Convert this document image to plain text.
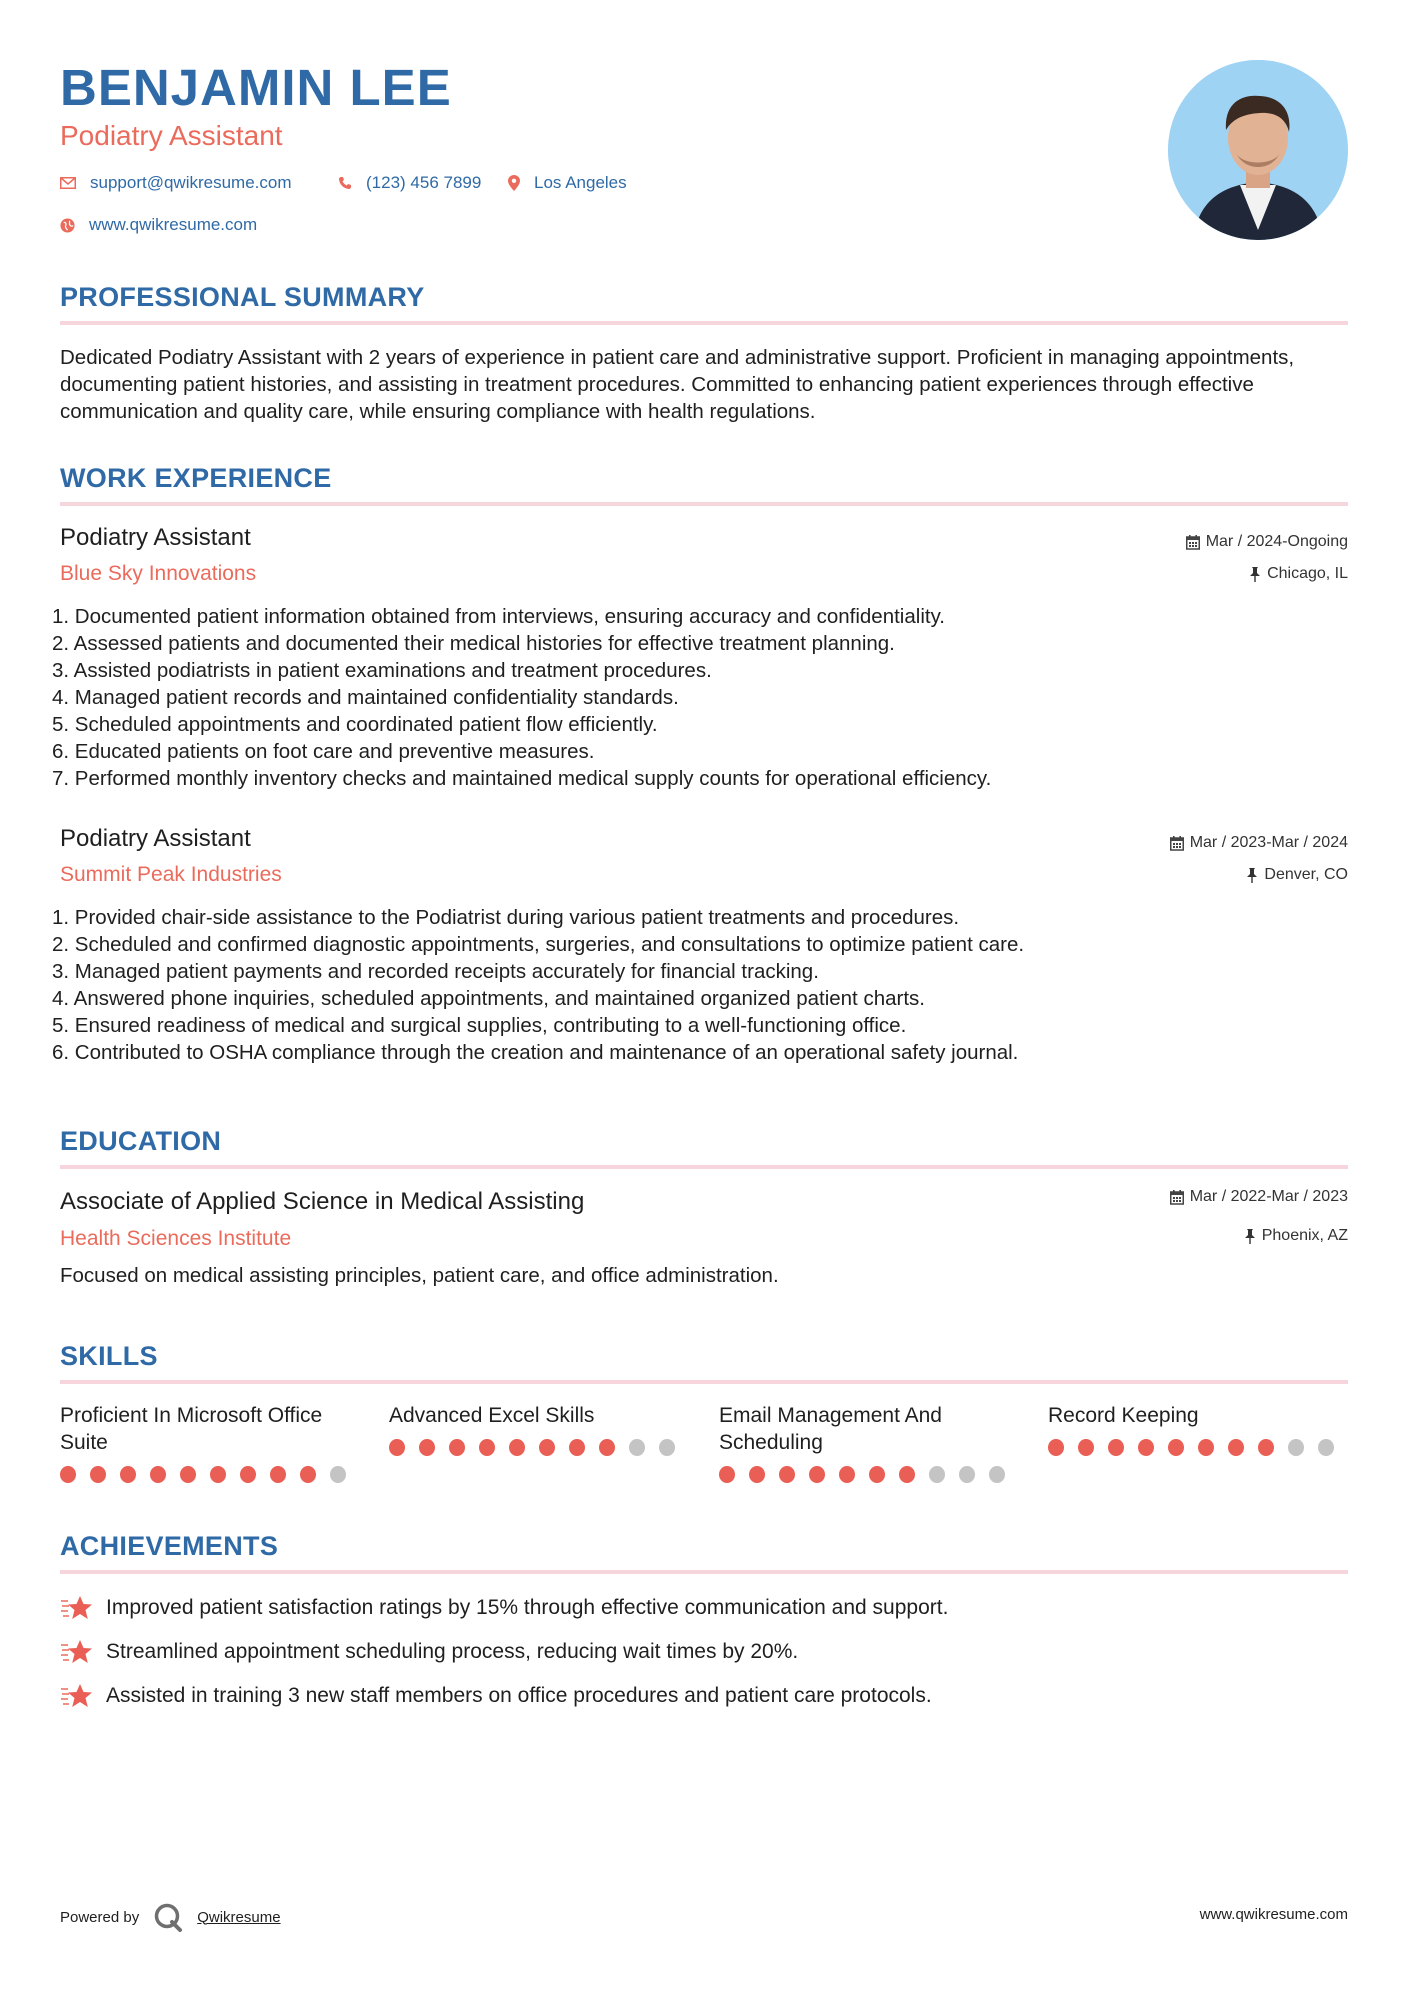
BENJAMIN LEE
Podiatry Assistant
support@qwikresume.com	(123) 456 7899	Los Angeles
www.qwikresume.com
PROFESSIONAL SUMMARY
Dedicated Podiatry Assistant with 2 years of experience in patient care and administrative support. Proficient in managing appointments, documenting patient histories, and assisting in treatment procedures. Committed to enhancing patient experiences through effective communication and quality care, while ensuring compliance with health regulations.
WORK EXPERIENCE
Podiatry Assistant
Blue Sky Innovations
Mar / 2024-Ongoing
Chicago, IL
1. Documented patient information obtained from interviews, ensuring accuracy and confidentiality.
2. Assessed patients and documented their medical histories for effective treatment planning.
3. Assisted podiatrists in patient examinations and treatment procedures.
4. Managed patient records and maintained confidentiality standards.
5. Scheduled appointments and coordinated patient flow efficiently.
6. Educated patients on foot care and preventive measures.
7. Performed monthly inventory checks and maintained medical supply counts for operational efficiency.
Podiatry Assistant
Summit Peak Industries
Mar / 2023-Mar / 2024
Denver, CO
1. Provided chair-side assistance to the Podiatrist during various patient treatments and procedures.
2. Scheduled and confirmed diagnostic appointments, surgeries, and consultations to optimize patient care.
3. Managed patient payments and recorded receipts accurately for financial tracking.
4. Answered phone inquiries, scheduled appointments, and maintained organized patient charts.
5. Ensured readiness of medical and surgical supplies, contributing to a well-functioning office.
6. Contributed to OSHA compliance through the creation and maintenance of an operational safety journal.
EDUCATION
Associate of Applied Science in Medical Assisting
Health Sciences Institute
Mar / 2022-Mar / 2023
Phoenix, AZ
Focused on medical assisting principles, patient care, and office administration.
SKILLS
Proficient In Microsoft Office Suite
Advanced Excel Skills	Email Management And Scheduling
Record Keeping
ACHIEVEMENTS
Improved patient satisfaction ratings by 15% through effective communication and support.
Streamlined appointment scheduling process, reducing wait times by 20%.
Assisted in training 3 new staff members on office procedures and patient care protocols.
Powered by	Qwikresume	www.qwikresume.com
